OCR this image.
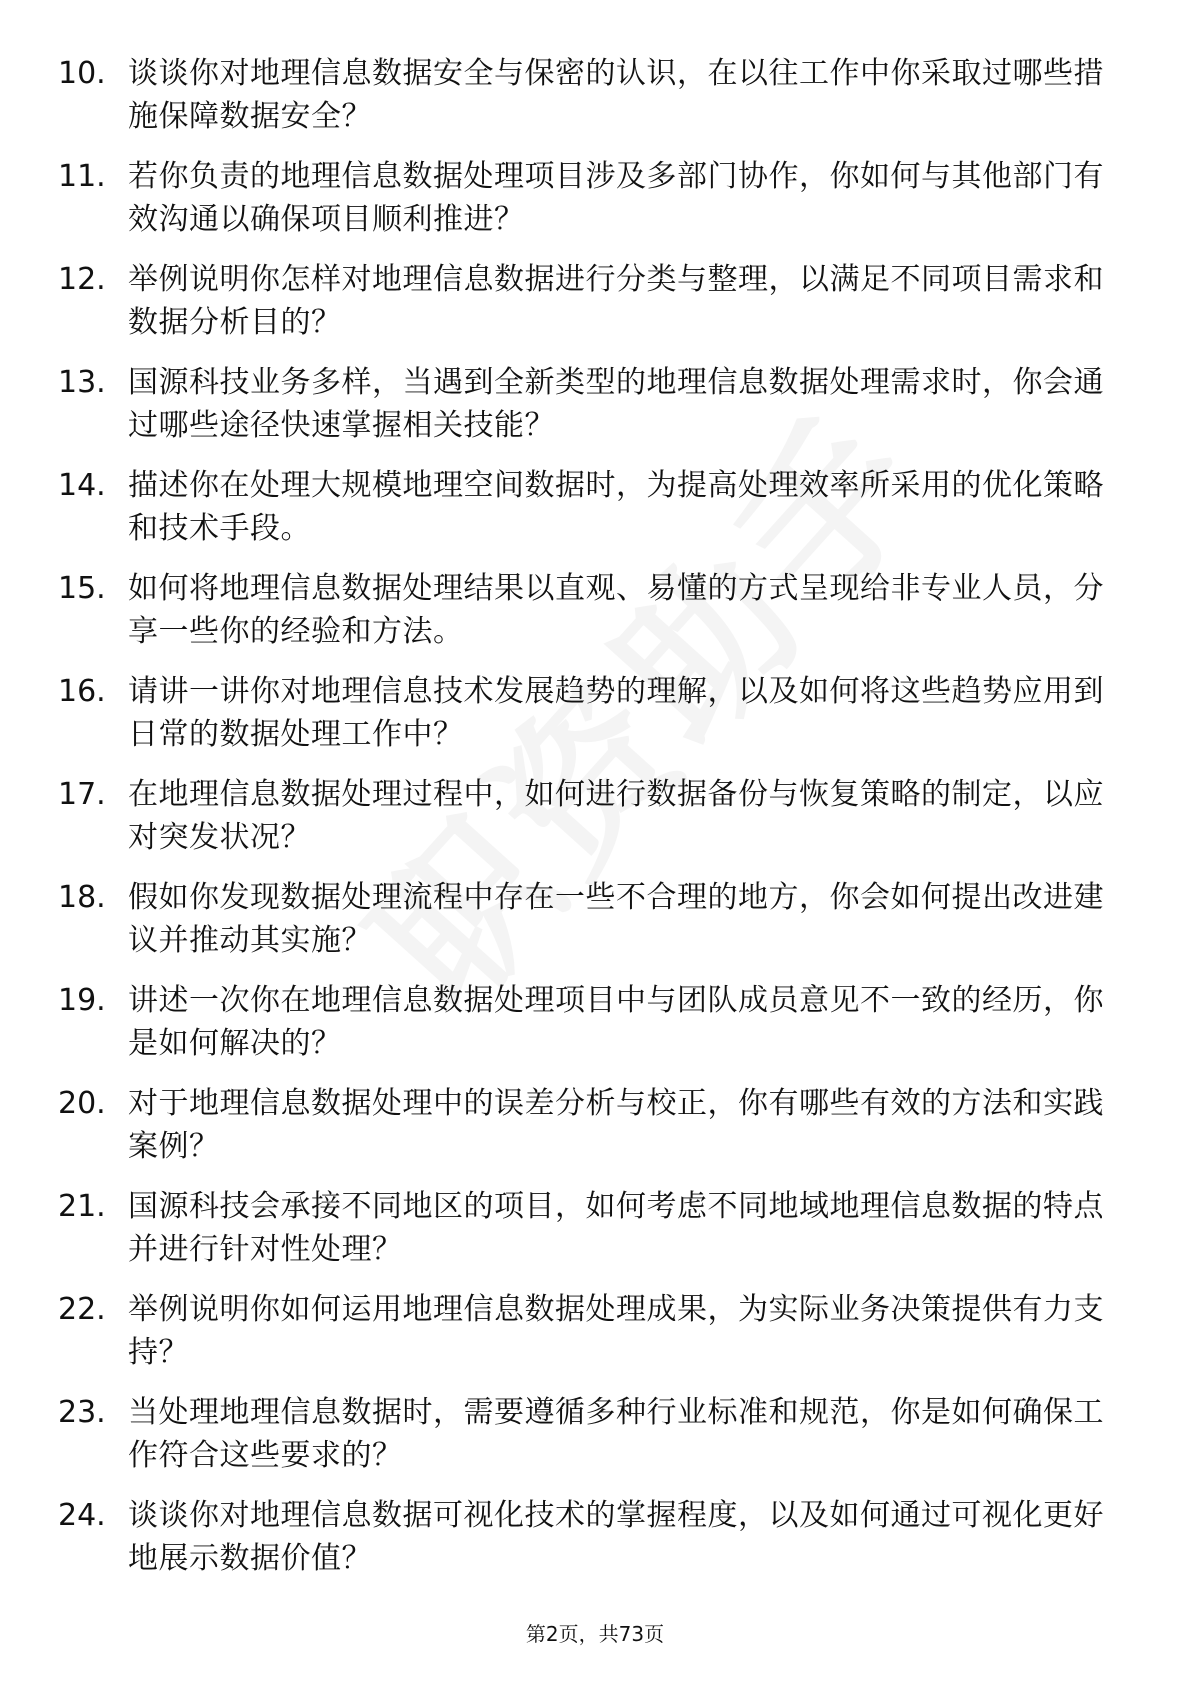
10. 谈谈你对地理信息数据安全与保密的认识，在以往工作中你采取过哪些措施保障数据安全？
11. 若你负责的地理信息数据处理项目涉及多部门协作，你如何与其他部门有效沟通以确保项目顺利推进？
12. 举例说明你怎样对地理信息数据进行分类与整理，以满足不同项目需求和数据分析目的？
13. 国源科技业务多样，当遇到全新类型的地理信息数据处理需求时，你会通过哪些途径快速掌握相关技能？
14. 描述你在处理大规模地理空间数据时，为提高处理效率所采用的优化策略和技术手段。
15. 如何将地理信息数据处理结果以直观、易懂的方式呈现给非专业人员，分享一些你的经验和方法。
16. 请讲一讲你对地理信息技术发展趋势的理解，以及如何将这些趋势应用到日常的数据处理工作中？
17. 在地理信息数据处理过程中，如何进行数据备份与恢复策略的制定，以应对突发状况？
18. 假如你发现数据处理流程中存在一些不合理的地方，你会如何提出改进建议并推动其实施？
19. 讲述一次你在地理信息数据处理项目中与团队成员意见不一致的经历，你是如何解决的？
20. 对于地理信息数据处理中的误差分析与校正，你有哪些有效的方法和实践案例？
21. 国源科技会承接不同地区的项目，如何考虑不同地域地理信息数据的特点并进行针对性处理？
22. 举例说明你如何运用地理信息数据处理成果，为实际业务决策提供有力支持？
23. 当处理地理信息数据时，需要遵循多种行业标准和规范，你是如何确保工作符合这些要求的？
24. 谈谈你对地理信息数据可视化技术的掌握程度，以及如何通过可视化更好地展示数据价值？
第2页，共73页
